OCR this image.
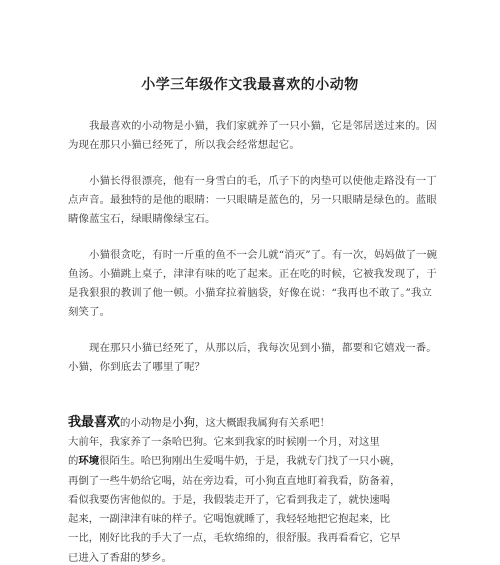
小学三年级作文我最喜欢的小动物

我最喜欢的小动物是小猫，我们家就养了一只小猫，它是邻居送过来的。因为现在那只小猫已经死了，所以我会经常想起它。

小猫长得很漂亮，他有一身雪白的毛，爪子下的肉垫可以使他走路没有一丁点声音。最独特的是他的眼睛：一只眼睛是蓝色的，另一只眼睛是绿色的。蓝眼睛像蓝宝石，绿眼睛像绿宝石。

小猫很贪吃，有时一斤重的鱼不一会儿就“消灭”了。有一次，妈妈做了一碗鱼汤。小猫跳上桌子，津津有味的吃了起来。正在吃的时候，它被我发现了，于是我狠狠的教训了他一顿。小猫耷拉着脑袋，好像在说：“我再也不敢了。”我立刻笑了。

现在那只小猫已经死了，从那以后，我每次见到小猫，都要和它嬉戏一番。小猫，你到底去了哪里了呢？

我最喜欢的小动物是小狗，这大概跟我属狗有关系吧！

大前年，我家养了一条哈巴狗。它来到我家的时候刚一个月，对这里

的环境很陌生。哈巴狗刚出生爱喝牛奶，于是，我就专门找了一只小碗，

再倒了一些牛奶给它喝，站在旁边看，可小狗直直地盯着我看，防备着，

看似我要伤害他似的。于是，我假装走开了，它看到我走了，就快速喝

起来，一副津津有味的样子。它喝饱就睡了，我轻轻地把它抱起来，比

一比，刚好比我的手大了一点，毛软绵绵的，很舒服。我再看看它，它早

已进入了香甜的梦乡。
